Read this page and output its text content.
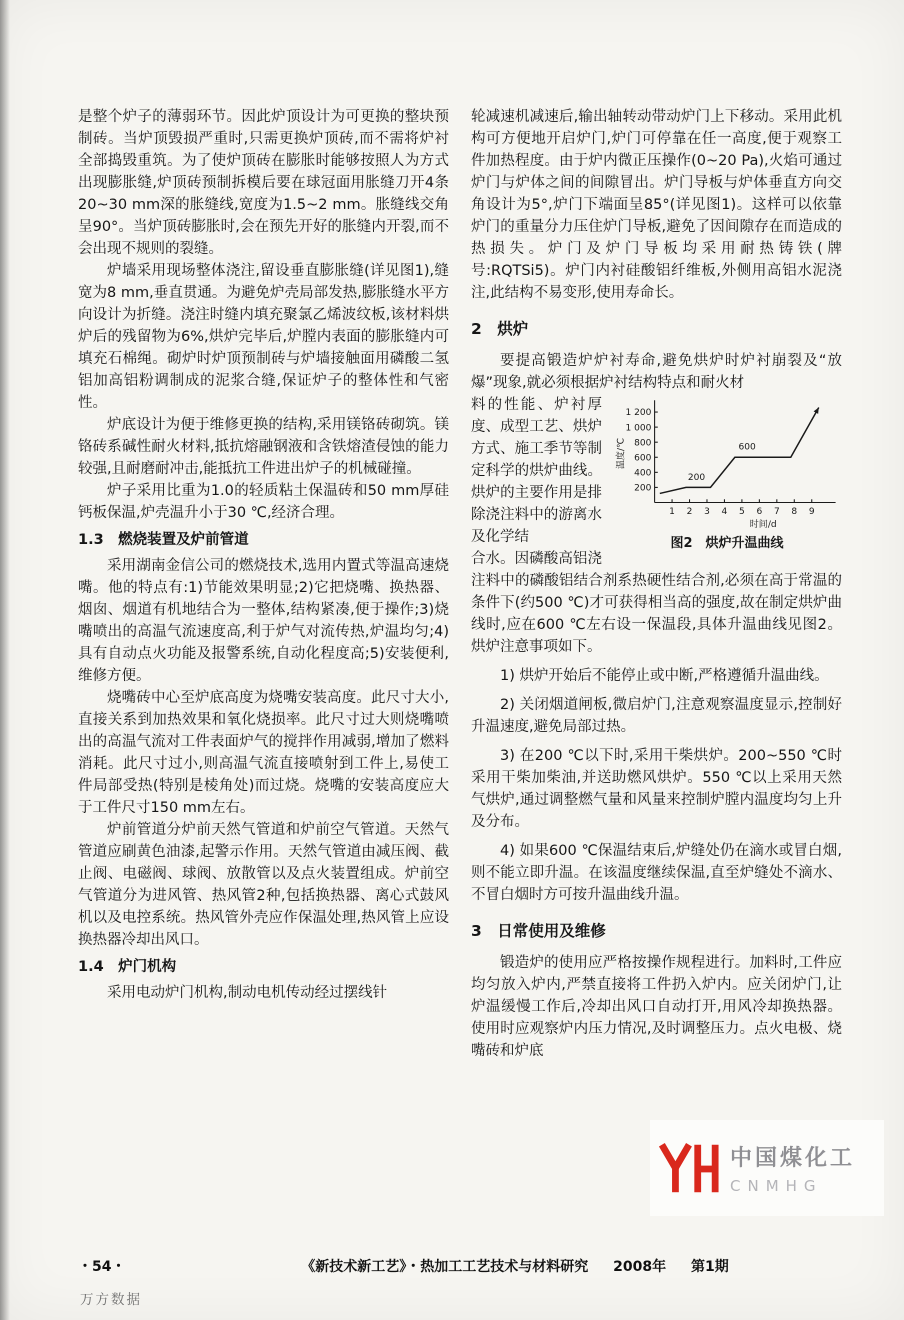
是整个炉子的薄弱环节。因此炉顶设计为可更换的整块预制砖。当炉顶毁损严重时,只需更换炉顶砖,而不需将炉衬全部捣毁重筑。为了使炉顶砖在膨胀时能够按照人为方式出现膨胀缝,炉顶砖预制拆模后要在球冠面用胀缝刀开4条20~30 mm深的胀缝线,宽度为1.5~2 mm。胀缝线交角呈90°。当炉顶砖膨胀时,会在预先开好的胀缝内开裂,而不会出现不规则的裂缝。

炉墙采用现场整体浇注,留设垂直膨胀缝(详见图1),缝宽为8 mm,垂直贯通。为避免炉壳局部发热,膨胀缝水平方向设计为折缝。浇注时缝内填充聚氯乙烯波纹板,该材料烘炉后的残留物为6%,烘炉完毕后,炉膛内表面的膨胀缝内可填充石棉绳。砌炉时炉顶预制砖与炉墙接触面用磷酸二氢铝加高铝粉调制成的泥浆合缝,保证炉子的整体性和气密性。

炉底设计为便于维修更换的结构,采用镁铬砖砌筑。镁铬砖系碱性耐火材料,抵抗熔融钢液和含铁熔渣侵蚀的能力较强,且耐磨耐冲击,能抵抗工件进出炉子的机械碰撞。

炉子采用比重为1.0的轻质粘土保温砖和50 mm厚硅钙板保温,炉壳温升小于30 ℃,经济合理。

1.3　燃烧装置及炉前管道

采用湖南金信公司的燃烧技术,选用内置式等温高速烧嘴。他的特点有:1)节能效果明显;2)它把烧嘴、换热器、烟囱、烟道有机地结合为一整体,结构紧凑,便于操作;3)烧嘴喷出的高温气流速度高,利于炉气对流传热,炉温均匀;4)具有自动点火功能及报警系统,自动化程度高;5)安装便利,维修方便。

烧嘴砖中心至炉底高度为烧嘴安装高度。此尺寸大小,直接关系到加热效果和氧化烧损率。此尺寸过大则烧嘴喷出的高温气流对工件表面炉气的搅拌作用减弱,增加了燃料消耗。此尺寸过小,则高温气流直接喷射到工件上,易使工件局部受热(特别是棱角处)而过烧。烧嘴的安装高度应大于工件尺寸150 mm左右。

炉前管道分炉前天然气管道和炉前空气管道。天然气管道应刷黄色油漆,起警示作用。天然气管道由减压阀、截止阀、电磁阀、球阀、放散管以及点火装置组成。炉前空气管道分为进风管、热风管2种,包括换热器、离心式鼓风机以及电控系统。热风管外壳应作保温处理,热风管上应设换热器冷却出风口。

1.4　炉门机构

采用电动炉门机构,制动电机传动经过摆线针

轮减速机减速后,输出轴转动带动炉门上下移动。采用此机构可方便地开启炉门,炉门可停靠在任一高度,便于观察工件加热程度。由于炉内微正压操作(0~20 Pa),火焰可通过炉门与炉体之间的间隙冒出。炉门导板与炉体垂直方向交角设计为5°,炉门下端面呈85°(详见图1)。这样可以依靠炉门的重量分力压住炉门导板,避免了因间隙存在而造成的热损失。炉门及炉门导板均采用耐热铸铁(牌号:RQTSi5)。炉门内衬硅酸铝纤维板,外侧用高铝水泥浇注,此结构不易变形,使用寿命长。

2　烘炉

要提高锻造炉炉衬寿命,避免烘炉时炉衬崩裂及“放爆”现象,就必须根据炉衬结构特点和耐火材

1 2 3 4 5 6 7 8 9
200
400
600
800
1 000
1 200
200
600
时间/d
温度/℃
图2　烘炉升温曲线

料的性能、炉衬厚度、成型工艺、烘炉方式、施工季节等制定科学的烘炉曲线。烘炉的主要作用是排除浇注料中的游离水及化学结

合水。因磷酸高铝浇注料中的磷酸铝结合剂系热硬性结合剂,必须在高于常温的条件下(约500 ℃)才可获得相当高的强度,故在制定烘炉曲线时,应在600 ℃左右设一保温段,具体升温曲线见图2。烘炉注意事项如下。

1) 烘炉开始后不能停止或中断,严格遵循升温曲线。

2) 关闭烟道闸板,微启炉门,注意观察温度显示,控制好升温速度,避免局部过热。

3) 在200 ℃以下时,采用干柴烘炉。200~550 ℃时采用干柴加柴油,并送助燃风烘炉。550 ℃以上采用天然气烘炉,通过调整燃气量和风量来控制炉膛内温度均匀上升及分布。

4) 如果600 ℃保温结束后,炉缝处仍在滴水或冒白烟,则不能立即升温。在该温度继续保温,直至炉缝处不滴水、不冒白烟时方可按升温曲线升温。

3　日常使用及维修

锻造炉的使用应严格按操作规程进行。加料时,工件应均匀放入炉内,严禁直接将工件扔入炉内。应关闭炉门,让炉温缓慢工作后,冷却出风口自动打开,用风冷却换热器。使用时应观察炉内压力情况,及时调整压力。点火电极、烧嘴砖和炉底

・54・	《新技术新工艺》・热加工工艺技术与材料研究 2008年 第1期
万方数据
中国煤化工
CNMHG
